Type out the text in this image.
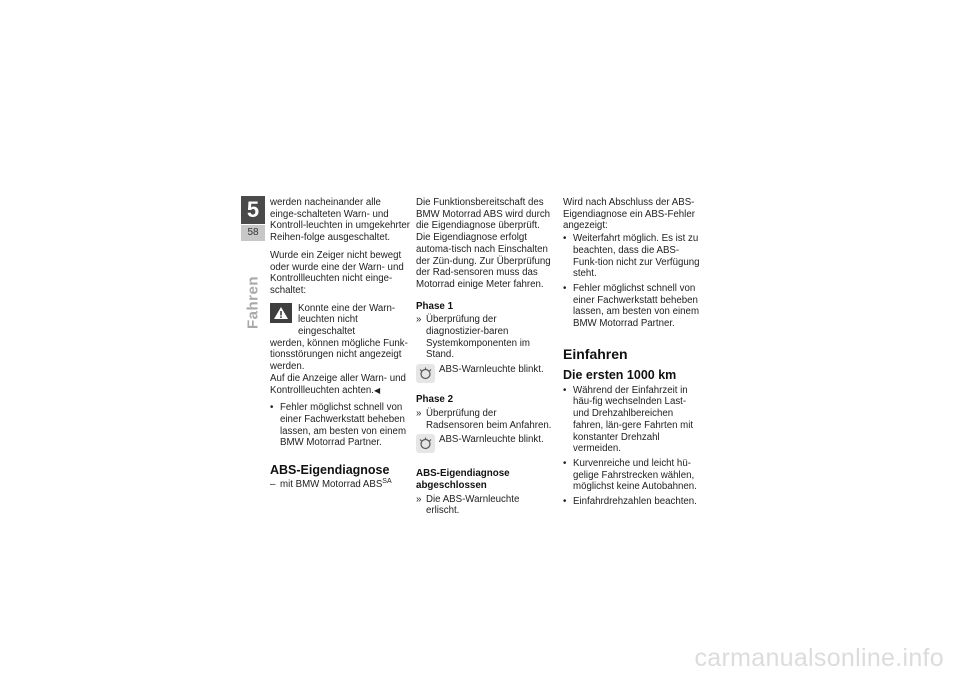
5
58
Fahren

werden nacheinander alle einge-schalteten Warn- und Kontroll-leuchten in umgekehrter Reihen-folge ausgeschaltet.

Wurde ein Zeiger nicht bewegt oder wurde eine der Warn- und Kontrollleuchten nicht einge-schaltet:

Konnte eine der Warn-
leuchten nicht eingeschaltet
werden, können mögliche Funk-tionsstörungen nicht angezeigt werden.

Auf die Anzeige aller Warn- und Kontrollleuchten achten.◀

• Fehler möglichst schnell von einer Fachwerkstatt beheben lassen, am besten von einem BMW Motorrad Partner.
ABS-Eigendiagnose
– mit BMW Motorrad $ABS^{SA}$

Die Funktionsbereitschaft des BMW Motorrad ABS wird durch die Eigendiagnose überprüft. Die Eigendiagnose erfolgt automa-tisch nach Einschalten der Zün-dung. Zur Überprüfung der Rad-sensoren muss das Motorrad einige Meter fahren.

Phase 1
» Überprüfung der diagnostizier-baren Systemkomponenten im Stand.
ABS-Warnleuchte blinkt.
Phase 2
» Überprüfung der Radsensoren beim Anfahren.
ABS-Warnleuchte blinkt.
ABS-Eigendiagnose abgeschlossen
» Die ABS-Warnleuchte erlischt.

Wird nach Abschluss der ABS-Eigendiagnose ein ABS-Fehler angezeigt:

• Weiterfahrt möglich. Es ist zu beachten, dass die ABS-Funk-tion nicht zur Verfügung steht.
• Fehler möglichst schnell von einer Fachwerkstatt beheben lassen, am besten von einem BMW Motorrad Partner.
Einfahren
Die ersten 1000 km
• Während der Einfahrzeit in häu-fig wechselnden Last- und Drehzahlbereichen fahren, län-gere Fahrten mit konstanter Drehzahl vermeiden.
• Kurvenreiche und leicht hü-gelige Fahrstrecken wählen, möglichst keine Autobahnen.
• Einfahrdrehzahlen beachten.
carmanualsonline.info
